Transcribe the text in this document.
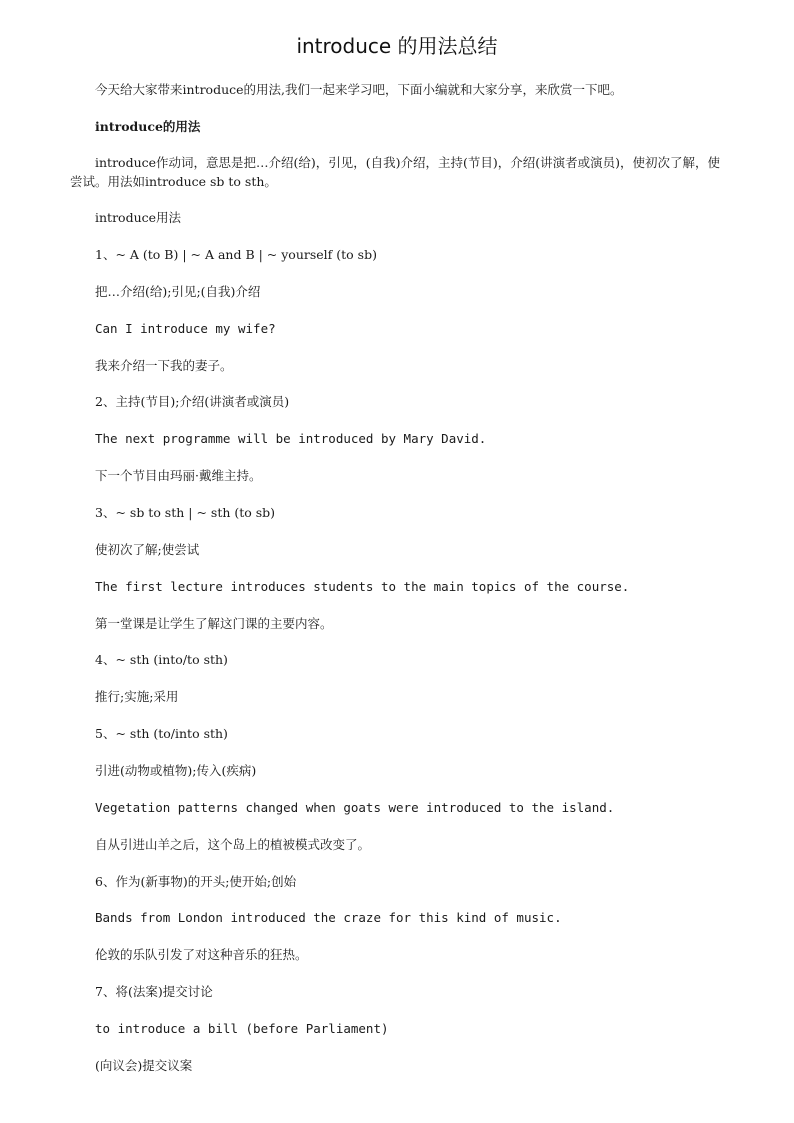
introduce 的用法总结
今天给大家带来introduce的用法,我们一起来学习吧，下面小编就和大家分享，来欣赏一下吧。
introduce的用法
introduce作动词，意思是把…介绍(给)，引见，(自我)介绍，主持(节目)，介绍(讲演者或演员)，使初次了解，使尝试。用法如introduce sb to sth。
introduce用法
1、~ A (to B) | ~ A and B | ~ yourself (to sb)
把…介绍(给);引见;(自我)介绍
Can I introduce my wife?
我来介绍一下我的妻子。
2、主持(节目);介绍(讲演者或演员)
The next programme will be introduced by Mary David.
下一个节目由玛丽·戴维主持。
3、~ sb to sth | ~ sth (to sb)
使初次了解;使尝试
The first lecture introduces students to the main topics of the course.
第一堂课是让学生了解这门课的主要内容。
4、~ sth (into/to sth)
推行;实施;采用
5、~ sth (to/into sth)
引进(动物或植物);传入(疾病)
Vegetation patterns changed when goats were introduced to the island.
自从引进山羊之后，这个岛上的植被模式改变了。
6、作为(新事物)的开头;使开始;创始
Bands from London introduced the craze for this kind of music.
伦敦的乐队引发了对这种音乐的狂热。
7、将(法案)提交讨论
to introduce a bill (before Parliament)
(向议会)提交议案
